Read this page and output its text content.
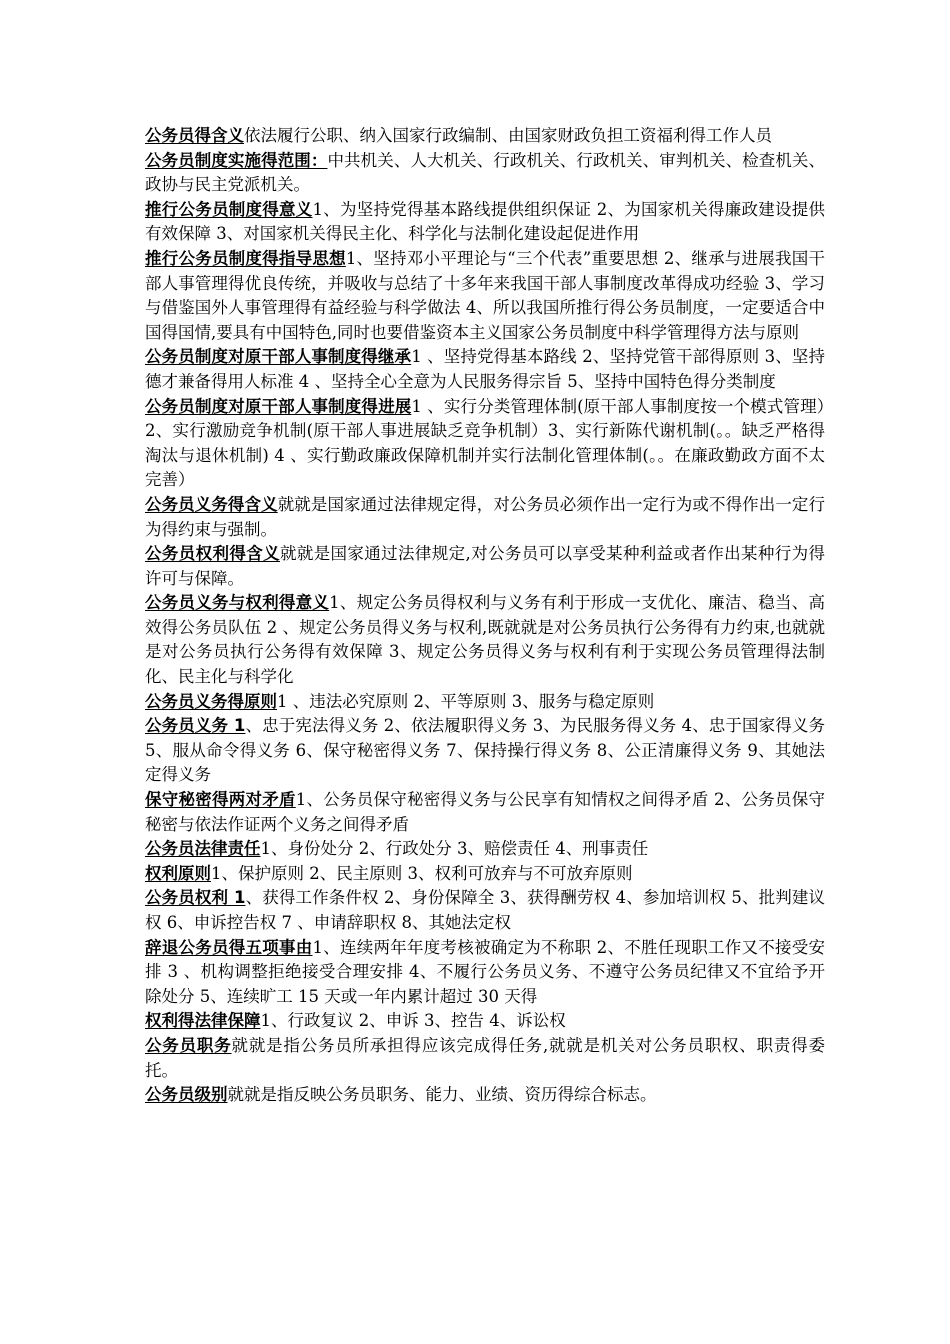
公务员得含义依法履行公职、纳入国家行政编制、由国家财政负担工资福利得工作人员

公务员制度实施得范围：中共机关、人大机关、行政机关、行政机关、审判机关、检查机关、政协与民主党派机关。

推行公务员制度得意义1、为坚持党得基本路线提供组织保证 2、为国家机关得廉政建设提供有效保障 3、对国家机关得民主化、科学化与法制化建设起促进作用

推行公务员制度得指导思想1、坚持邓小平理论与“三个代表”重要思想 2、继承与进展我国干部人事管理得优良传统，并吸收与总结了十多年来我国干部人事制度改革得成功经验 3、学习与借鉴国外人事管理得有益经验与科学做法 4、所以我国所推行得公务员制度，一定要适合中国得国情,要具有中国特色,同时也要借鉴资本主义国家公务员制度中科学管理得方法与原则

公务员制度对原干部人事制度得继承1 、坚持党得基本路线 2、坚持党管干部得原则 3、坚持德才兼备得用人标准 4 、坚持全心全意为人民服务得宗旨 5、坚持中国特色得分类制度

公务员制度对原干部人事制度得进展1 、实行分类管理体制(原干部人事制度按一个模式管理）2、实行激励竞争机制(原干部人事进展缺乏竞争机制）3、实行新陈代谢机制(。。缺乏严格得淘汰与退休机制) 4 、实行勤政廉政保障机制并实行法制化管理体制(。。在廉政勤政方面不太完善）

公务员义务得含义就就是国家通过法律规定得，对公务员必须作出一定行为或不得作出一定行为得约束与强制。

公务员权利得含义就就是国家通过法律规定,对公务员可以享受某种利益或者作出某种行为得许可与保障。

公务员义务与权利得意义1、规定公务员得权利与义务有利于形成一支优化、廉洁、稳当、高效得公务员队伍 2 、规定公务员得义务与权利,既就就是对公务员执行公务得有力约束,也就就是对公务员执行公务得有效保障 3、规定公务员得义务与权利有利于实现公务员管理得法制化、民主化与科学化

公务员义务得原则1 、违法必究原则 2、平等原则 3、服务与稳定原则

公务员义务 1、忠于宪法得义务 2、依法履职得义务 3、为民服务得义务 4、忠于国家得义务 5、服从命令得义务 6、保守秘密得义务 7、保持操行得义务 8、公正清廉得义务 9、其她法定得义务

保守秘密得两对矛盾1、公务员保守秘密得义务与公民享有知情权之间得矛盾 2、公务员保守秘密与依法作证两个义务之间得矛盾

公务员法律责任1、身份处分 2、行政处分 3、赔偿责任 4、刑事责任

权利原则1、保护原则 2、民主原则 3、权利可放弃与不可放弃原则

公务员权利 1、获得工作条件权 2、身份保障全 3、获得酬劳权 4、参加培训权 5、批判建议权 6、申诉控告权 7 、申请辞职权 8、其她法定权

辞退公务员得五项事由1、连续两年年度考核被确定为不称职 2、不胜任现职工作又不接受安排 3 、机构调整拒绝接受合理安排 4、不履行公务员义务、不遵守公务员纪律又不宜给予开除处分 5、连续旷工 15 天或一年内累计超过 30 天得

权利得法律保障1、行政复议 2、申诉 3、控告 4、诉讼权

公务员职务就就是指公务员所承担得应该完成得任务,就就是机关对公务员职权、职责得委托。

公务员级别就就是指反映公务员职务、能力、业绩、资历得综合标志。
